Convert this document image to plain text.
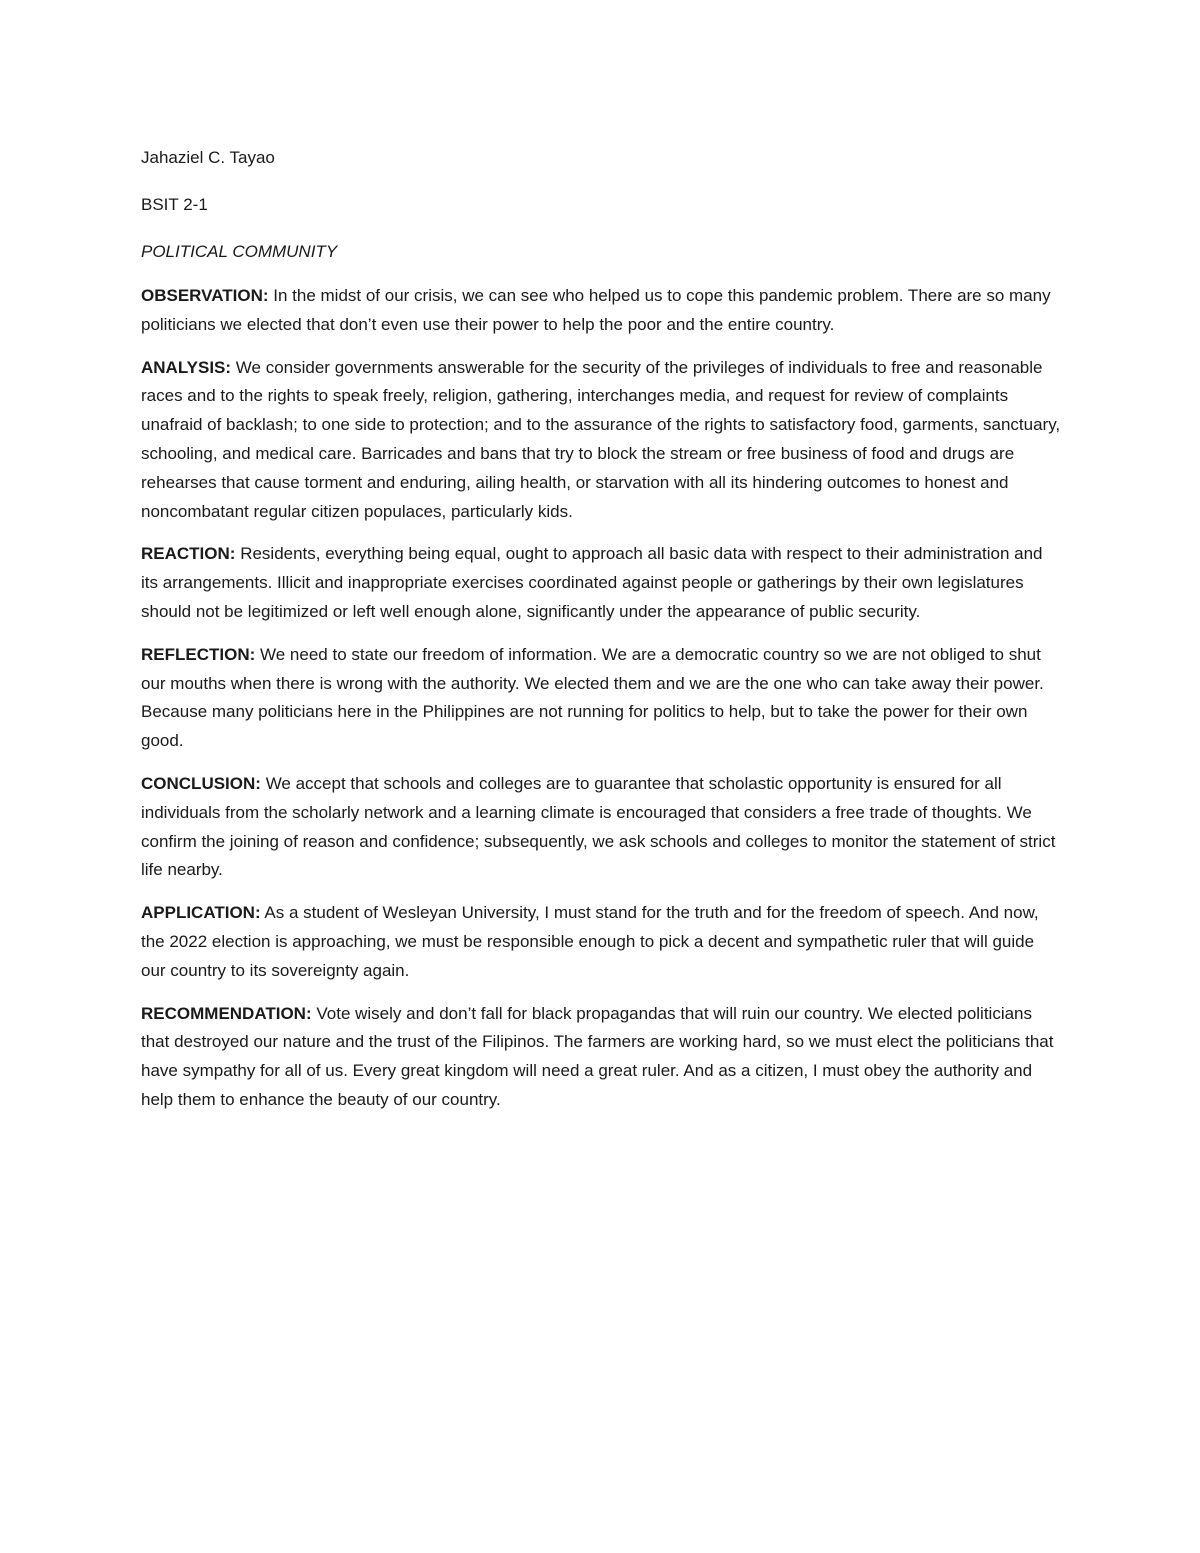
Jahaziel C. Tayao
BSIT 2-1
POLITICAL COMMUNITY

OBSERVATION: In the midst of our crisis, we can see who helped us to cope this pandemic problem. There are so many politicians we elected that don’t even use their power to help the poor and the entire country.

ANALYSIS: We consider governments answerable for the security of the privileges of individuals to free and reasonable races and to the rights to speak freely, religion, gathering, interchanges media, and request for review of complaints unafraid of backlash; to one side to protection; and to the assurance of the rights to satisfactory food, garments, sanctuary, schooling, and medical care. Barricades and bans that try to block the stream or free business of food and drugs are rehearses that cause torment and enduring, ailing health, or starvation with all its hindering outcomes to honest and noncombatant regular citizen populaces, particularly kids.

REACTION: Residents, everything being equal, ought to approach all basic data with respect to their administration and its arrangements. Illicit and inappropriate exercises coordinated against people or gatherings by their own legislatures should not be legitimized or left well enough alone, significantly under the appearance of public security.

REFLECTION: We need to state our freedom of information. We are a democratic country so we are not obliged to shut our mouths when there is wrong with the authority. We elected them and we are the one who can take away their power. Because many politicians here in the Philippines are not running for politics to help, but to take the power for their own good.

CONCLUSION: We accept that schools and colleges are to guarantee that scholastic opportunity is ensured for all individuals from the scholarly network and a learning climate is encouraged that considers a free trade of thoughts. We confirm the joining of reason and confidence; subsequently, we ask schools and colleges to monitor the statement of strict life nearby.

APPLICATION: As a student of Wesleyan University, I must stand for the truth and for the freedom of speech. And now, the 2022 election is approaching, we must be responsible enough to pick a decent and sympathetic ruler that will guide our country to its sovereignty again.

RECOMMENDATION: Vote wisely and don’t fall for black propagandas that will ruin our country. We elected politicians that destroyed our nature and the trust of the Filipinos. The farmers are working hard, so we must elect the politicians that have sympathy for all of us. Every great kingdom will need a great ruler. And as a citizen, I must obey the authority and help them to enhance the beauty of our country.
